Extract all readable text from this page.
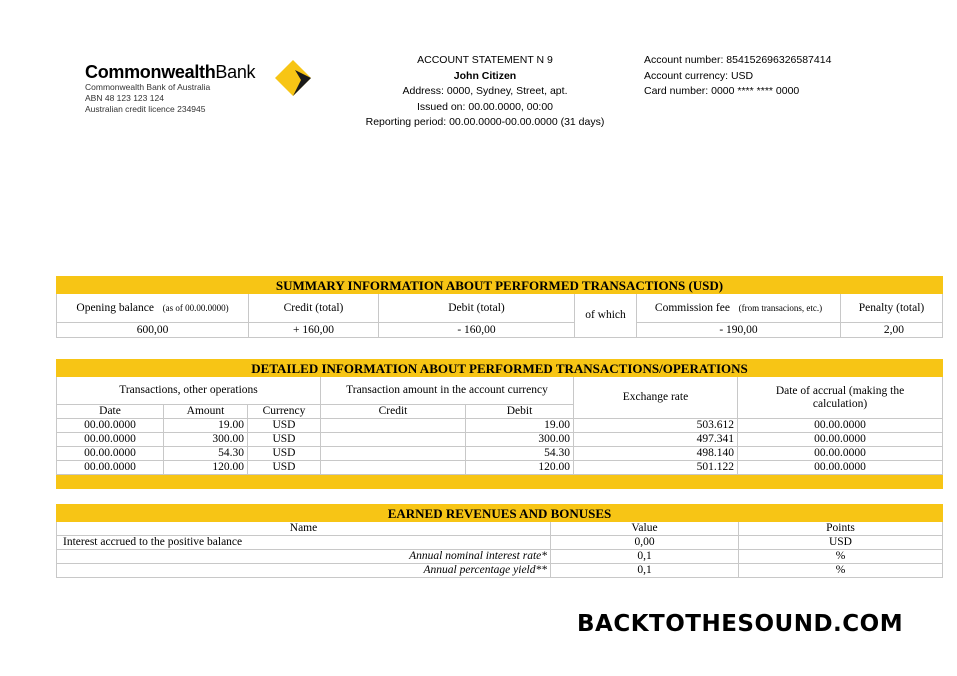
CommonwealthBank
Commonwealth Bank of Australia
ABN 48 123 123 124
Australian credit licence 234945
ACCOUNT STATEMENT N 9
John Citizen
Address: 0000, Sydney, Street, apt.
Issued on: 00.00.0000, 00:00
Reporting period: 00.00.0000-00.00.0000 (31 days)
Account number: 854152696326587414
Account currency: USD
Card number: 0000 **** **** 0000
SUMMARY INFORMATION ABOUT PERFORMED TRANSACTIONS (USD)					
Opening balance (as of 00.00.0000)	Credit (total)	Debit (total)	of which	Commission fee (from transacions, etc.)	Penalty (total)
600,00	+ 160,00	- 160,00		- 190,00	2,00
DETAILED INFORMATION ABOUT PERFORMED TRANSACTIONS/OPERATIONS						
Transactions, other operations			Transaction amount in the account currency		Exchange rate	Date of accrual (making the calculation)
Date	Amount	Currency	Credit	Debit		
00.00.0000	19.00	USD		19.00	503.612	00.00.0000
00.00.0000	300.00	USD		300.00	497.341	00.00.0000
00.00.0000	54.30	USD		54.30	498.140	00.00.0000
00.00.0000	120.00	USD		120.00	501.122	00.00.0000

EARNED REVENUES AND BONUSES		
Name	Value	Points
Interest accrued to the positive balance	0,00	USD
Annual nominal interest rate*	0,1	%
Annual percentage yield**	0,1	%
BACKTOTHESOUND.COM
